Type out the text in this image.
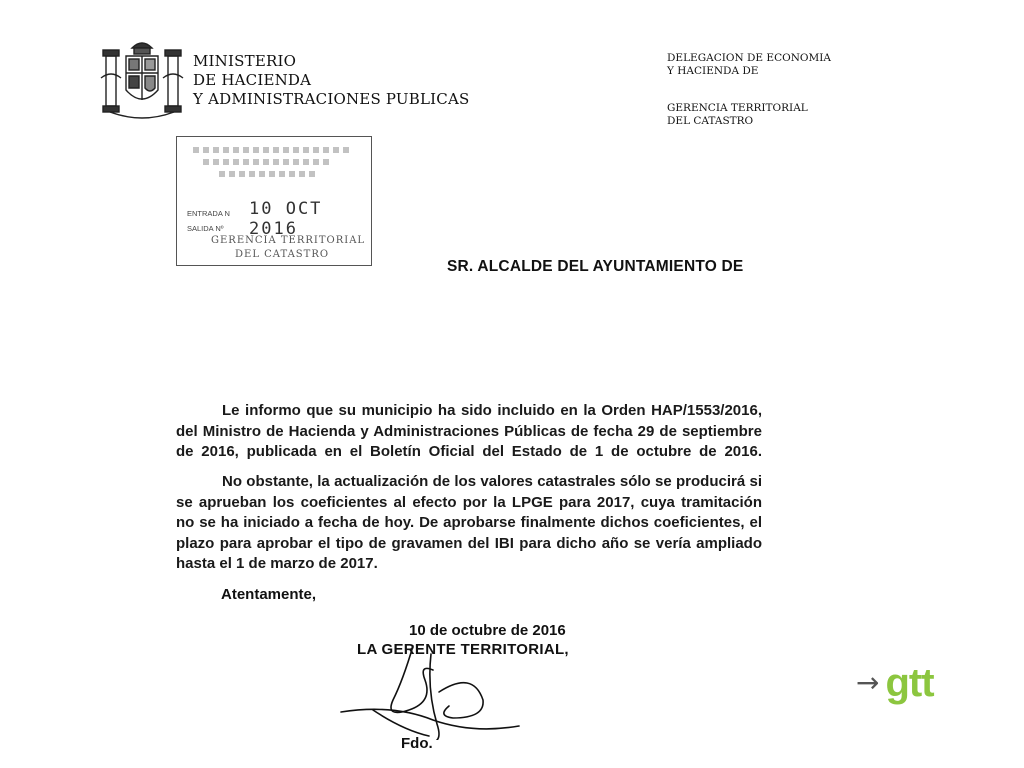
MINISTERIO
DE HACIENDA
Y ADMINISTRACIONES PUBLICAS
DELEGACION DE ECONOMIA
Y HACIENDA DE
GERENCIA TERRITORIAL
DEL CATASTRO
ENTRADA N
SALIDA Nº
10 OCT 2016
GERENCIA TERRITORIAL
DEL CATASTRO
SR. ALCALDE DEL AYUNTAMIENTO DE
Le informo que su municipio ha sido incluido en la Orden HAP/1553/2016,
del Ministro de Hacienda y Administraciones Públicas de fecha 29 de septiembre
de 2016, publicada en el Boletín Oficial del Estado de 1 de octubre de 2016.
No obstante, la actualización de los valores catastrales sólo se producirá si
se aprueban los coeficientes al efecto por la LPGE para 2017, cuya tramitación
no se ha iniciado a fecha de hoy. De aprobarse finalmente dichos coeficientes, el
plazo para aprobar el tipo de gravamen del IBI para dicho año se vería ampliado
hasta el 1 de marzo de 2017.
Atentamente,
10 de octubre de 2016
LA GERENTE TERRITORIAL,
Fdo.
→ gtt
